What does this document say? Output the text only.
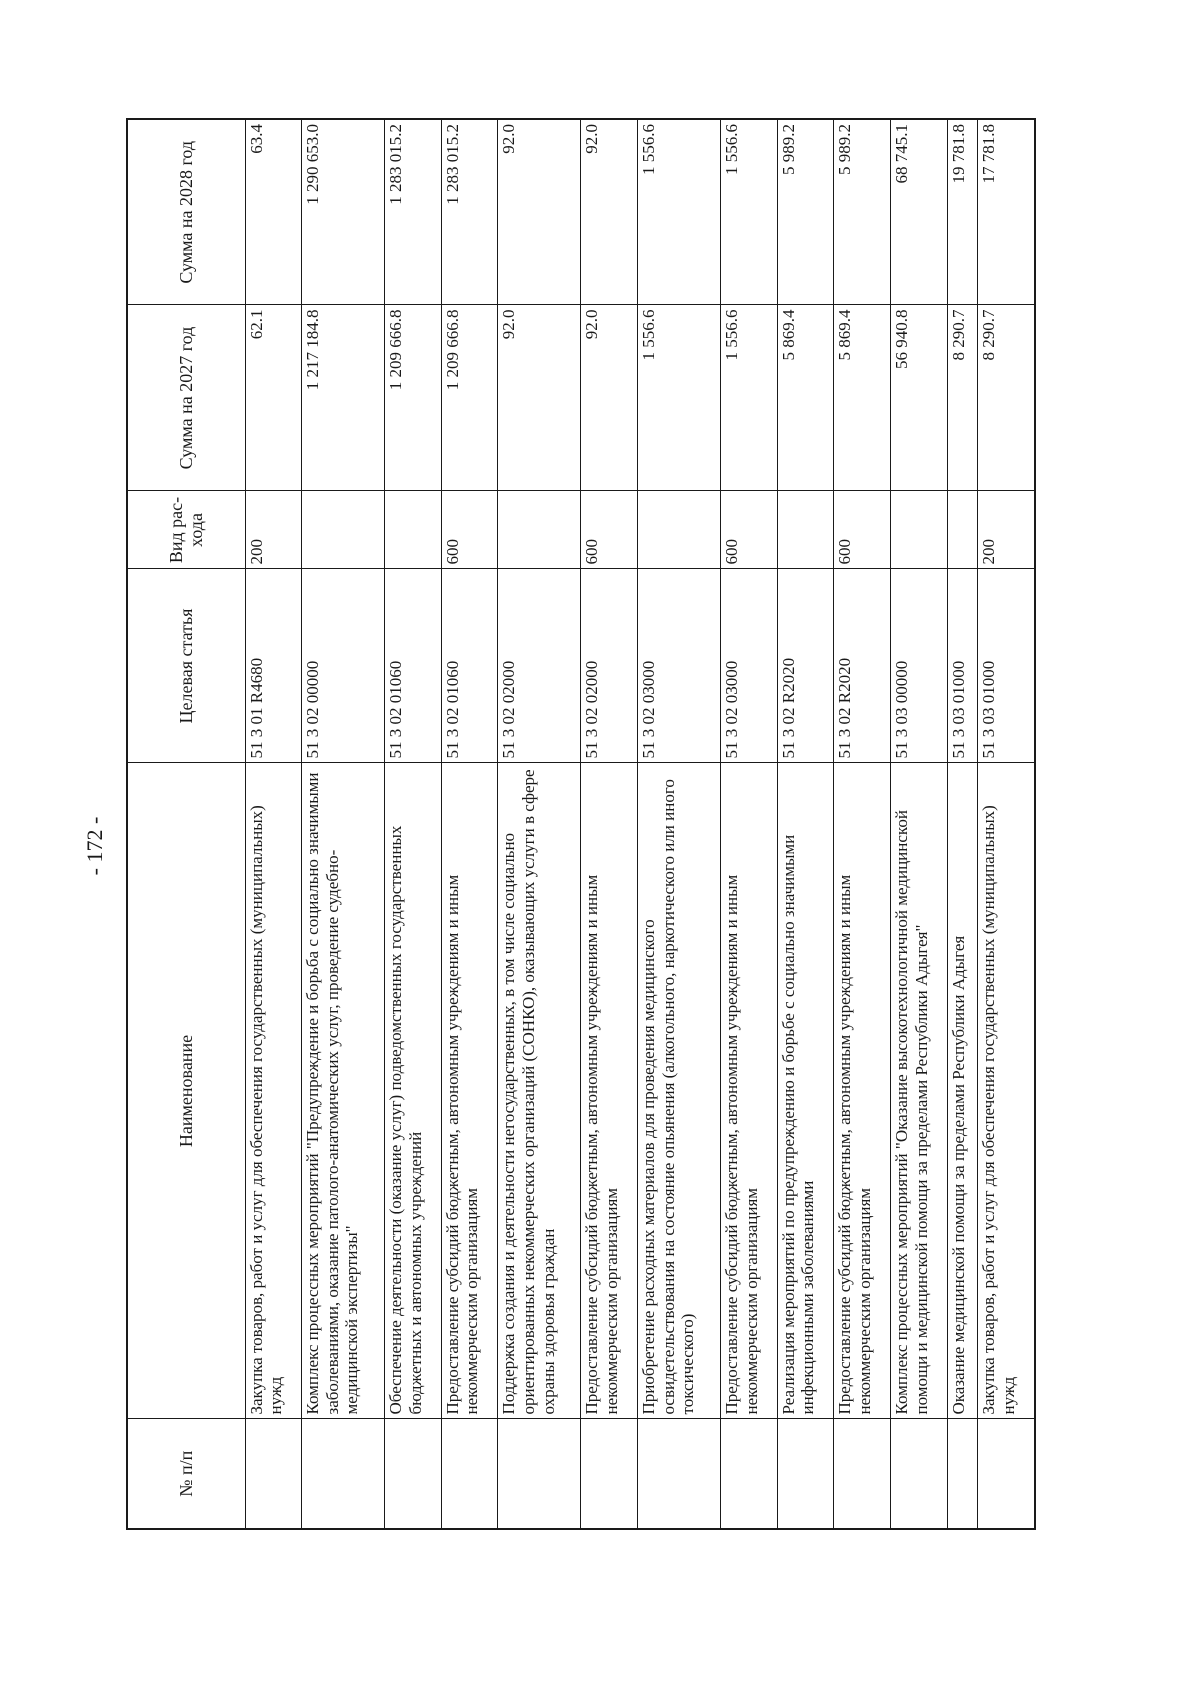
- 172 -
№ п/п	Наименование	Целевая статья	Вид рас-хода	Сумма на 2027 год	Сумма на 2028 год
	Закупка товаров, работ и услуг для обеспечения государственных (муниципальных) нужд	51 3 01 R4680	200	62.1	63.4
	Комплекс процессных мероприятий "Предупреждение и борьба с социально значимыми заболеваниями, оказание патолого-анатомических услуг, проведение судебно-медицинской экспертизы"	51 3 02 00000		1 217 184.8	1 290 653.0
	Обеспечение деятельности (оказание услуг) подведомственных государственных бюджетных и автономных учреждений	51 3 02 01060		1 209 666.8	1 283 015.2
	Предоставление субсидий бюджетным, автономным учреждениям и иным некоммерческим организациям	51 3 02 01060	600	1 209 666.8	1 283 015.2
	Поддержка создания и деятельности негосударственных, в том числе социально ориентированных некоммерческих организаций (СОНКО), оказывающих услуги в сфере охраны здоровья граждан	51 3 02 02000		92.0	92.0
	Предоставление субсидий бюджетным, автономным учреждениям и иным некоммерческим организациям	51 3 02 02000	600	92.0	92.0
	Приобретение расходных материалов для проведения медицинского освидетельствования на состояние опьянения (алкогольного, наркотического или иного токсического)	51 3 02 03000		1 556.6	1 556.6
	Предоставление субсидий бюджетным, автономным учреждениям и иным некоммерческим организациям	51 3 02 03000	600	1 556.6	1 556.6
	Реализация мероприятий по предупреждению и борьбе с социально значимыми инфекционными заболеваниями	51 3 02 R2020		5 869.4	5 989.2
	Предоставление субсидий бюджетным, автономным учреждениям и иным некоммерческим организациям	51 3 02 R2020	600	5 869.4	5 989.2
	Комплекс процессных мероприятий "Оказание высокотехнологичной медицинской помощи и медицинской помощи за пределами Республики Адыгея"	51 3 03 00000		56 940.8	68 745.1
	Оказание медицинской помощи за пределами Республики Адыгея	51 3 03 01000		8 290.7	19 781.8
	Закупка товаров, работ и услуг для обеспечения государственных (муниципальных) нужд	51 3 03 01000	200	8 290.7	17 781.8
